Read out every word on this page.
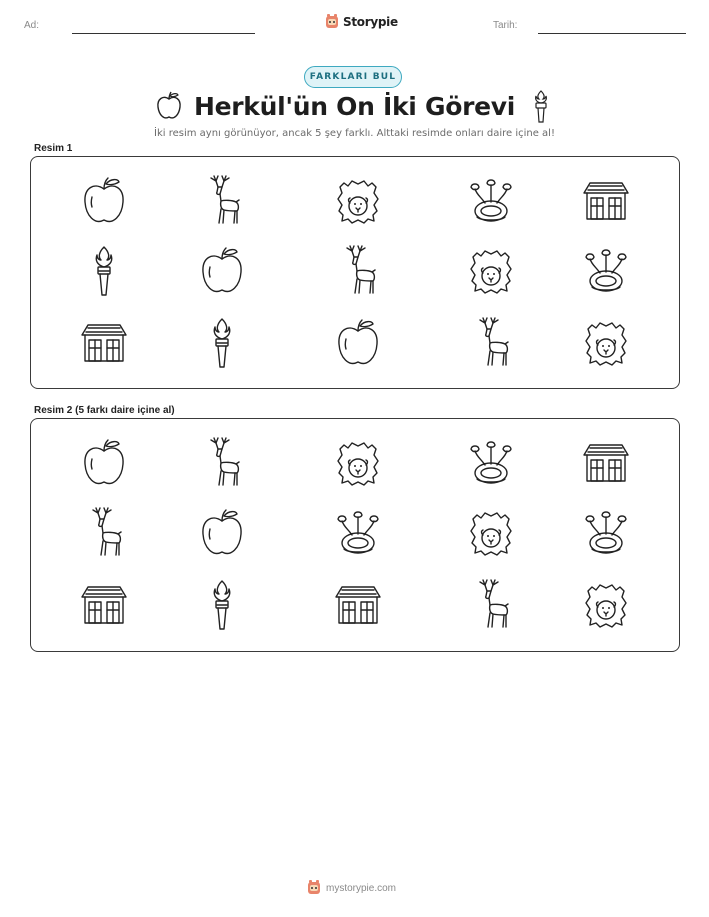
Ad:	Storypie	Tarih:
FARKLARI BUL
Herkül'ün On İki Görevi
İki resim aynı görünüyor, ancak 5 şey farklı. Alttaki resimde onları daire içine al!
Resim 1
Resim 2 (5 farkı daire içine al)
mystorypie.com
